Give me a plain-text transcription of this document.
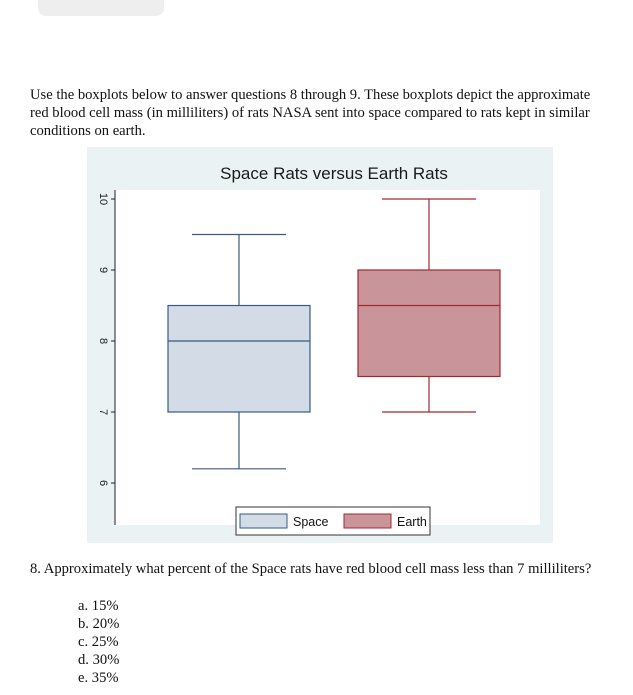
Use the boxplots below to answer questions 8 through 9. These boxplots depict the approximate red blood cell mass (in milliliters) of rats NASA sent into space compared to rats kept in similar conditions on earth.

Space Rats versus Earth Rats
6
7
8
9
10
Space	Earth

8. Approximately what percent of the Space rats have red blood cell mass less than 7 milliliters?

a. 15%
b. 20%
c. 25%
d. 30%
e. 35%
